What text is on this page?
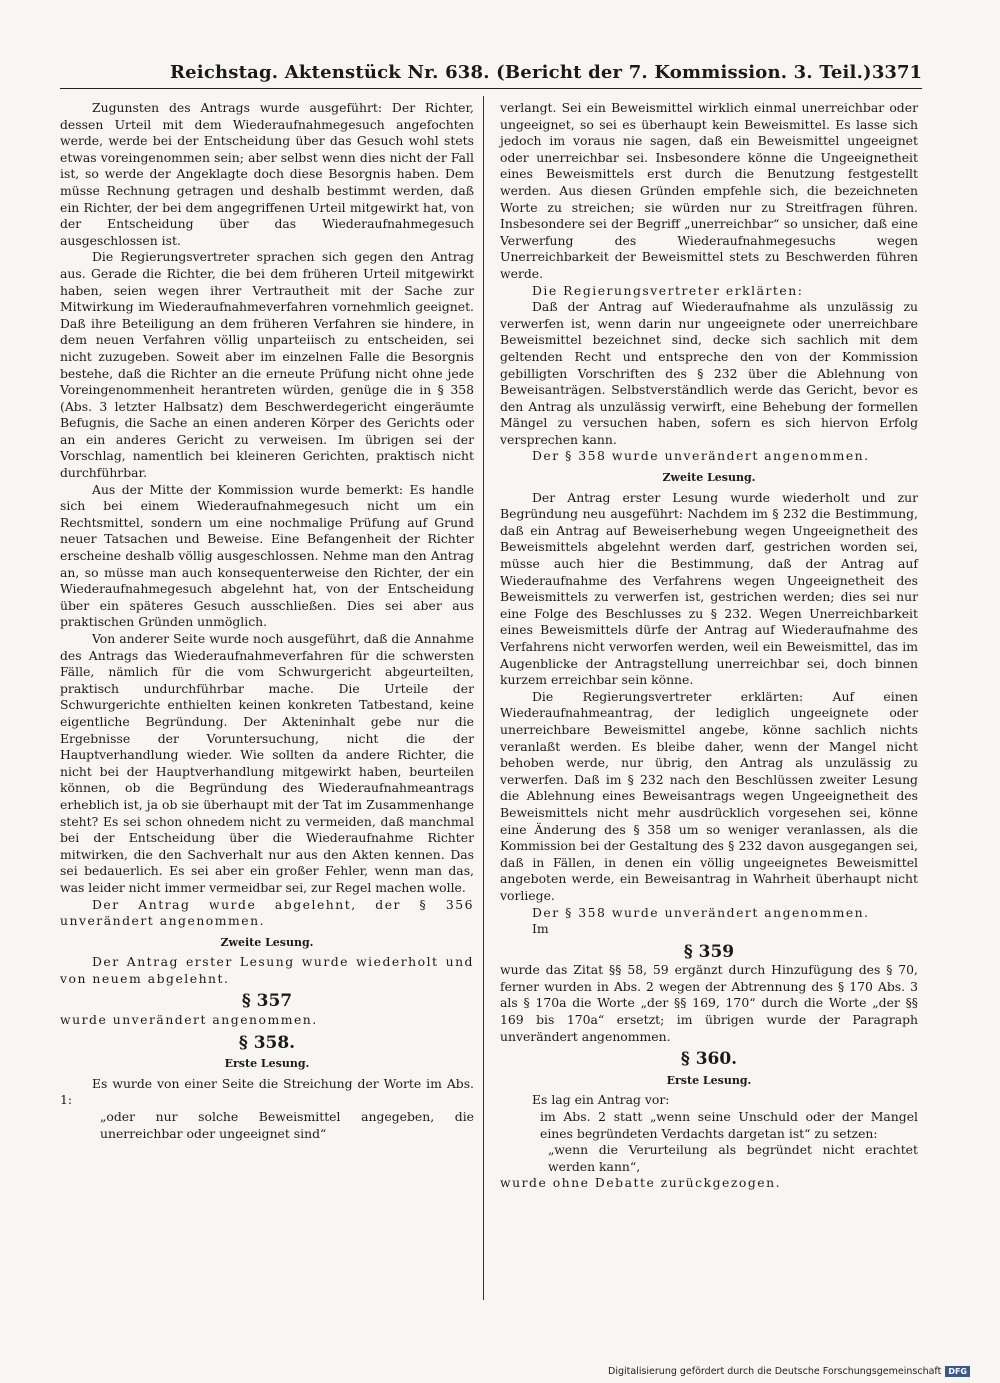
Reichstag. Aktenstück Nr. 638. (Bericht der 7. Kommission. 3. Teil.) 3371

Zugunsten des Antrags wurde ausgeführt: Der Richter, dessen Urteil mit dem Wiederaufnahmegesuch angefochten werde, werde bei der Entscheidung über das Gesuch wohl stets etwas voreingenommen sein; aber selbst wenn dies nicht der Fall ist, so werde der Angeklagte doch diese Besorgnis haben. Dem müsse Rechnung getragen und deshalb bestimmt werden, daß ein Richter, der bei dem angegriffenen Urteil mitgewirkt hat, von der Entscheidung über das Wiederaufnahmegesuch ausgeschlossen ist.

Die Regierungsvertreter sprachen sich gegen den Antrag aus. Gerade die Richter, die bei dem früheren Urteil mitgewirkt haben, seien wegen ihrer Vertrautheit mit der Sache zur Mitwirkung im Wiederaufnahmeverfahren vornehmlich geeignet. Daß ihre Beteiligung an dem früheren Verfahren sie hindere, in dem neuen Verfahren völlig unparteiisch zu entscheiden, sei nicht zuzugeben. Soweit aber im einzelnen Falle die Besorgnis bestehe, daß die Richter an die erneute Prüfung nicht ohne jede Voreingenommenheit herantreten würden, genüge die in § 358 (Abs. 3 letzter Halbsatz) dem Beschwerdegericht eingeräumte Befugnis, die Sache an einen anderen Körper des Gerichts oder an ein anderes Gericht zu verweisen. Im übrigen sei der Vorschlag, namentlich bei kleineren Gerichten, praktisch nicht durchführbar.

Aus der Mitte der Kommission wurde bemerkt: Es handle sich bei einem Wiederaufnahmegesuch nicht um ein Rechtsmittel, sondern um eine nochmalige Prüfung auf Grund neuer Tatsachen und Beweise. Eine Befangenheit der Richter erscheine deshalb völlig ausgeschlossen. Nehme man den Antrag an, so müsse man auch konsequenterweise den Richter, der ein Wiederaufnahmegesuch abgelehnt hat, von der Entscheidung über ein späteres Gesuch ausschließen. Dies sei aber aus praktischen Gründen unmöglich.

Von anderer Seite wurde noch ausgeführt, daß die Annahme des Antrags das Wiederaufnahmeverfahren für die schwersten Fälle, nämlich für die vom Schwurgericht abgeurteilten, praktisch undurchführbar mache. Die Urteile der Schwurgerichte enthielten keinen konkreten Tatbestand, keine eigentliche Begründung. Der Akteninhalt gebe nur die Ergebnisse der Voruntersuchung, nicht die der Hauptverhandlung wieder. Wie sollten da andere Richter, die nicht bei der Hauptverhandlung mitgewirkt haben, beurteilen können, ob die Begründung des Wiederaufnahmeantrags erheblich ist, ja ob sie überhaupt mit der Tat im Zusammenhange steht? Es sei schon ohnedem nicht zu vermeiden, daß manchmal bei der Entscheidung über die Wiederaufnahme Richter mitwirken, die den Sachverhalt nur aus den Akten kennen. Das sei bedauerlich. Es sei aber ein großer Fehler, wenn man das, was leider nicht immer vermeidbar sei, zur Regel machen wolle.

Der Antrag wurde abgelehnt, der § 356 unverändert angenommen.

Zweite Lesung.

Der Antrag erster Lesung wurde wiederholt und von neuem abgelehnt.

§ 357

wurde unverändert angenommen.

§ 358.
Erste Lesung.

Es wurde von einer Seite die Streichung der Worte im Abs. 1:

„oder nur solche Beweismittel angegeben, die unerreichbar oder ungeeignet sind“

verlangt. Sei ein Beweismittel wirklich einmal unerreichbar oder ungeeignet, so sei es überhaupt kein Beweismittel. Es lasse sich jedoch im voraus nie sagen, daß ein Beweismittel ungeeignet oder unerreichbar sei. Insbesondere könne die Ungeeignetheit eines Beweismittels erst durch die Benutzung festgestellt werden. Aus diesen Gründen empfehle sich, die bezeichneten Worte zu streichen; sie würden nur zu Streitfragen führen. Insbesondere sei der Begriff „unerreichbar“ so unsicher, daß eine Verwerfung des Wiederaufnahmegesuchs wegen Unerreichbarkeit der Beweismittel stets zu Beschwerden führen werde.

Die Regierungsvertreter erklärten:

Daß der Antrag auf Wiederaufnahme als unzulässig zu verwerfen ist, wenn darin nur ungeeignete oder unerreichbare Beweismittel bezeichnet sind, decke sich sachlich mit dem geltenden Recht und entspreche den von der Kommission gebilligten Vorschriften des § 232 über die Ablehnung von Beweisanträgen. Selbstverständlich werde das Gericht, bevor es den Antrag als unzulässig verwirft, eine Behebung der formellen Mängel zu versuchen haben, sofern es sich hiervon Erfolg versprechen kann.

Der § 358 wurde unverändert angenommen.

Zweite Lesung.

Der Antrag erster Lesung wurde wiederholt und zur Begründung neu ausgeführt: Nachdem im § 232 die Bestimmung, daß ein Antrag auf Beweiserhebung wegen Ungeeignetheit des Beweismittels abgelehnt werden darf, gestrichen worden sei, müsse auch hier die Bestimmung, daß der Antrag auf Wiederaufnahme des Verfahrens wegen Ungeeignetheit des Beweismittels zu verwerfen ist, gestrichen werden; dies sei nur eine Folge des Beschlusses zu § 232. Wegen Unerreichbarkeit eines Beweismittels dürfe der Antrag auf Wiederaufnahme des Verfahrens nicht verworfen werden, weil ein Beweismittel, das im Augenblicke der Antragstellung unerreichbar sei, doch binnen kurzem erreichbar sein könne.

Die Regierungsvertreter erklärten: Auf einen Wiederaufnahmeantrag, der lediglich ungeeignete oder unerreichbare Beweismittel angebe, könne sachlich nichts veranlaßt werden. Es bleibe daher, wenn der Mangel nicht behoben werde, nur übrig, den Antrag als unzulässig zu verwerfen. Daß im § 232 nach den Beschlüssen zweiter Lesung die Ablehnung eines Beweisantrags wegen Ungeeignetheit des Beweismittels nicht mehr ausdrücklich vorgesehen sei, könne eine Änderung des § 358 um so weniger veranlassen, als die Kommission bei der Gestaltung des § 232 davon ausgegangen sei, daß in Fällen, in denen ein völlig ungeeignetes Beweismittel angeboten werde, ein Beweisantrag in Wahrheit überhaupt nicht vorliege.

Der § 358 wurde unverändert angenommen.

Im

§ 359

wurde das Zitat §§ 58, 59 ergänzt durch Hinzufügung des § 70, ferner wurden in Abs. 2 wegen der Abtrennung des § 170 Abs. 3 als § 170a die Worte „der §§ 169, 170“ durch die Worte „der §§ 169 bis 170a“ ersetzt; im übrigen wurde der Paragraph unverändert angenommen.

§ 360.
Erste Lesung.

Es lag ein Antrag vor:

im Abs. 2 statt „wenn seine Unschuld oder der Mangel eines begründeten Verdachts dargetan ist“ zu setzen:

„wenn die Verurteilung als begründet nicht erachtet werden kann“,

wurde ohne Debatte zurückgezogen.

Digitalisierung gefördert durch die Deutsche Forschungsgemeinschaft DFG
